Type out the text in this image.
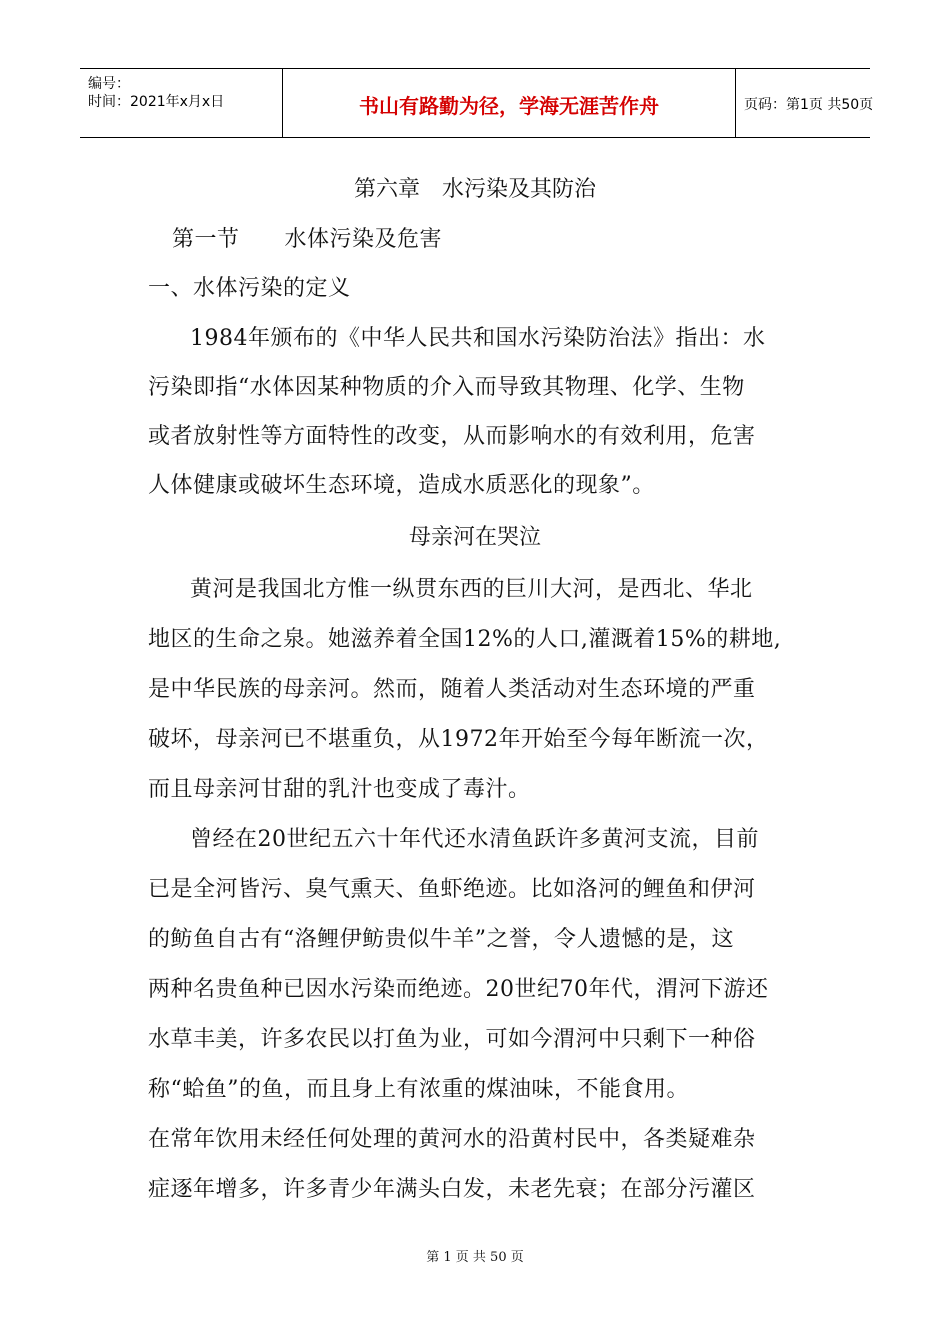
编号：
时间：2021年x月x日	书山有路勤为径，学海无涯苦作舟	页码：第1页 共50页
第六章　水污染及其防治
第一节　　水体污染及危害
一、水体污染的定义
1984年颁布的《中华人民共和国水污染防治法》指出：水
污染即指“水体因某种物质的介入而导致其物理、化学、生物
或者放射性等方面特性的改变，从而影响水的有效利用，危害
人体健康或破坏生态环境，造成水质恶化的现象”。
母亲河在哭泣
黄河是我国北方惟一纵贯东西的巨川大河，是西北、华北
地区的生命之泉。她滋养着全国12%的人口,灌溉着15%的耕地,
是中华民族的母亲河。然而，随着人类活动对生态环境的严重
破坏，母亲河已不堪重负，从1972年开始至今每年断流一次，
而且母亲河甘甜的乳汁也变成了毒汁。
曾经在20世纪五六十年代还水清鱼跃许多黄河支流，目前
已是全河皆污、臭气熏天、鱼虾绝迹。比如洛河的鲤鱼和伊河
的鲂鱼自古有“洛鲤伊鲂贵似牛羊”之誉，令人遗憾的是，这
两种名贵鱼种已因水污染而绝迹。20世纪70年代，渭河下游还
水草丰美，许多农民以打鱼为业，可如今渭河中只剩下一种俗
称“蛤鱼”的鱼，而且身上有浓重的煤油味，不能食用。
在常年饮用未经任何处理的黄河水的沿黄村民中，各类疑难杂
症逐年增多，许多青少年满头白发，未老先衰；在部分污灌区
第 1 页 共 50 页
